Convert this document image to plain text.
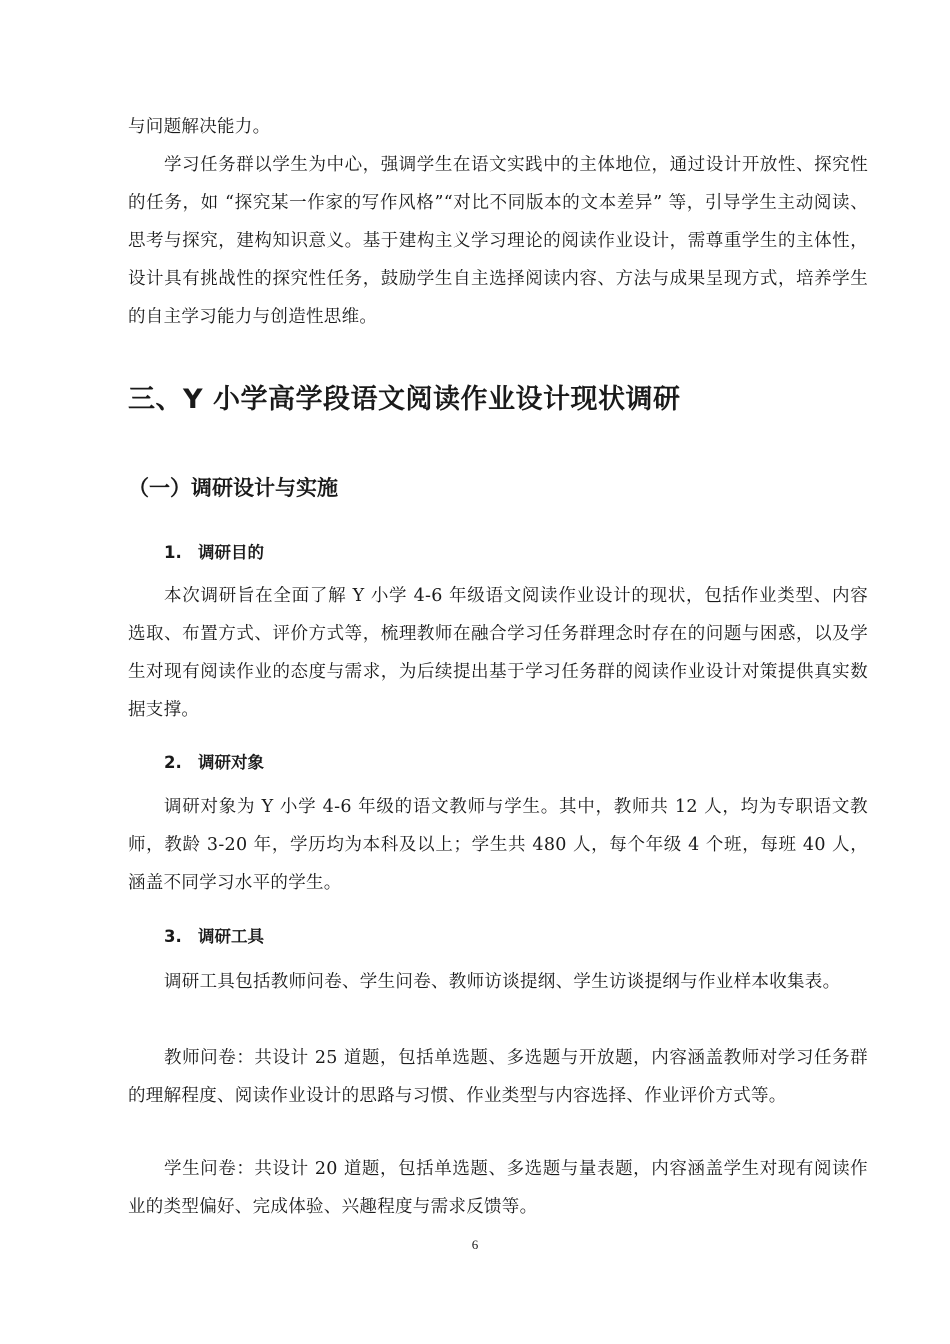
与问题解决能力。

学习任务群以学生为中心，强调学生在语文实践中的主体地位，通过设计开放性、探究性的任务，如 “探究某一作家的写作风格”“对比不同版本的文本差异” 等，引导学生主动阅读、思考与探究，建构知识意义。基于建构主义学习理论的阅读作业设计，需尊重学生的主体性，设计具有挑战性的探究性任务，鼓励学生自主选择阅读内容、方法与成果呈现方式，培养学生的自主学习能力与创造性思维。

三、Y 小学高学段语文阅读作业设计现状调研
（一）调研设计与实施
1. 调研目的

本次调研旨在全面了解 Y 小学 4-6 年级语文阅读作业设计的现状，包括作业类型、内容选取、布置方式、评价方式等，梳理教师在融合学习任务群理念时存在的问题与困惑，以及学生对现有阅读作业的态度与需求，为后续提出基于学习任务群的阅读作业设计对策提供真实数据支撑。

2. 调研对象

调研对象为 Y 小学 4-6 年级的语文教师与学生。其中，教师共 12 人，均为专职语文教师，教龄 3-20 年，学历均为本科及以上；学生共 480 人，每个年级 4 个班，每班 40 人，涵盖不同学习水平的学生。

3. 调研工具

调研工具包括教师问卷、学生问卷、教师访谈提纲、学生访谈提纲与作业样本收集表。

教师问卷：共设计 25 道题，包括单选题、多选题与开放题，内容涵盖教师对学习任务群的理解程度、阅读作业设计的思路与习惯、作业类型与内容选择、作业评价方式等。

学生问卷：共设计 20 道题，包括单选题、多选题与量表题，内容涵盖学生对现有阅读作业的类型偏好、完成体验、兴趣程度与需求反馈等。

6
